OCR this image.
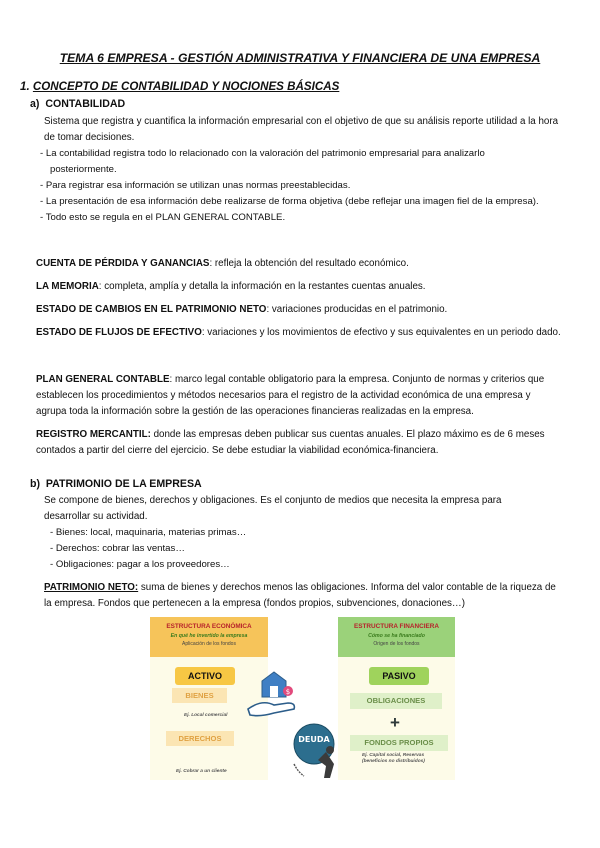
TEMA 6 EMPRESA - GESTIÓN ADMINISTRATIVA Y FINANCIERA DE UNA EMPRESA
1. CONCEPTO DE CONTABILIDAD Y NOCIONES BÁSICAS
a) CONTABILIDAD
Sistema que registra y cuantifica la información empresarial con el objetivo de que su análisis reporte utilidad a la hora de tomar decisiones.
- La contabilidad registra todo lo relacionado con la valoración del patrimonio empresarial para analizarlo posteriormente.
- Para registrar esa información se utilizan unas normas preestablecidas.
- La presentación de esa información debe realizarse de forma objetiva (debe reflejar una imagen fiel de la empresa).
- Todo esto se regula en el PLAN GENERAL CONTABLE.
CUENTA DE PÉRDIDA Y GANANCIAS: refleja la obtención del resultado económico.
LA MEMORIA: completa, amplía y detalla la información en la restantes cuentas anuales.
ESTADO DE CAMBIOS EN EL PATRIMONIO NETO: variaciones producidas en el patrimonio.
ESTADO DE FLUJOS DE EFECTIVO: variaciones y los movimientos de efectivo y sus equivalentes en un periodo dado.
PLAN GENERAL CONTABLE: marco legal contable obligatorio para la empresa. Conjunto de normas y criterios que establecen los procedimientos y métodos necesarios para el registro de la actividad económica de una empresa y agrupa toda la información sobre la gestión de las operaciones financieras realizadas en la empresa.
REGISTRO MERCANTIL: donde las empresas deben publicar sus cuentas anuales. El plazo máximo es de 6 meses contados a partir del cierre del ejercicio. Se debe estudiar la viabilidad económica-financiera.
b) PATRIMONIO DE LA EMPRESA
Se compone de bienes, derechos y obligaciones. Es el conjunto de medios que necesita la empresa para desarrollar su actividad.
- Bienes: local, maquinaria, materias primas…
- Derechos: cobrar las ventas…
- Obligaciones: pagar a los proveedores…
PATRIMONIO NETO: suma de bienes y derechos menos las obligaciones. Informa del valor contable de la riqueza de la empresa. Fondos que pertenecen a la empresa (fondos propios, subvenciones, donaciones…)
ESTRUCTURA ECONÓMICA
En qué he invertido la empresa
Aplicación de los fondos
ESTRUCTURA FINANCIERA
Cómo se ha financiado
Origen de los fondos
ACTIVO	PASIVO
BIENES
Ej. Local comercial
DERECHOS
Ej. Cobrar a un cliente
OBLIGACIONES
+
FONDOS PROPIOS
Ej. Capital social, Reservas (beneficios no distribuidos)
$
DEUDA
